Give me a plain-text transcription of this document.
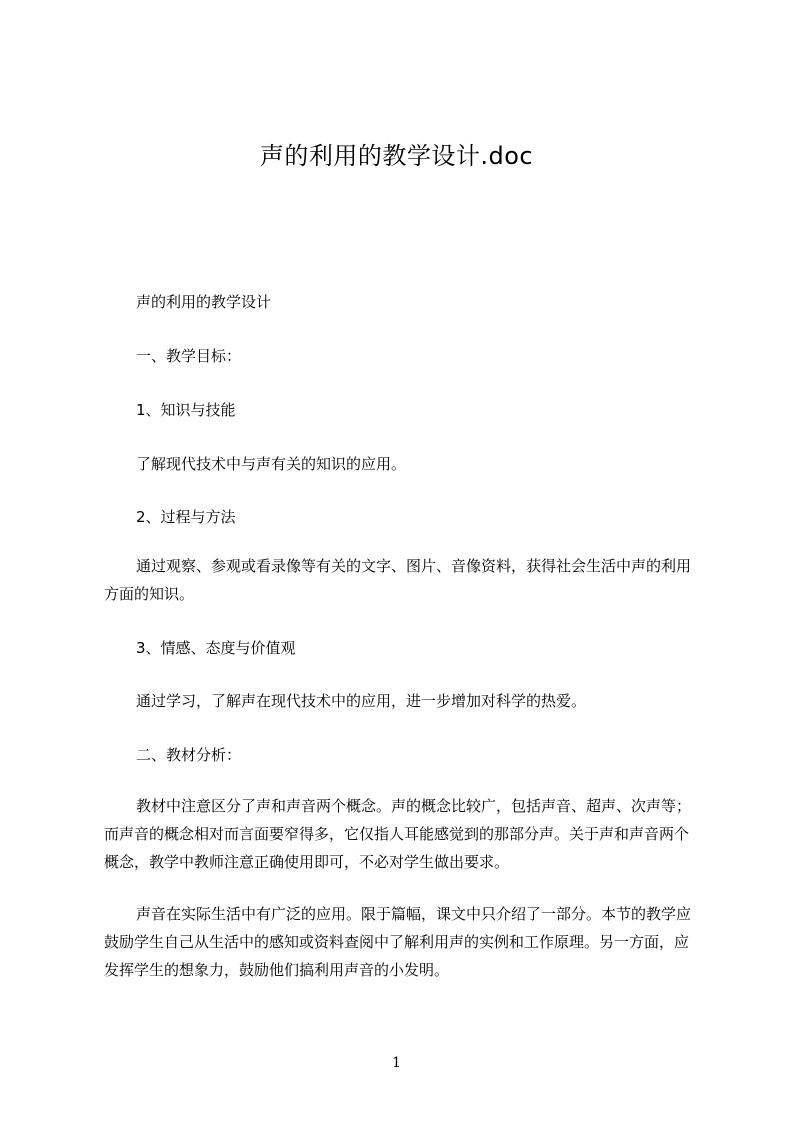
声的利用的教学设计.doc

声的利用的教学设计

一、教学目标：

1、知识与技能

了解现代技术中与声有关的知识的应用。

2、过程与方法

通过观察、参观或看录像等有关的文字、图片、音像资料，获得社会生活中声的利用方面的知识。

3、情感、态度与价值观

通过学习，了解声在现代技术中的应用，进一步增加对科学的热爱。

二、教材分析：

教材中注意区分了声和声音两个概念。声的概念比较广，包括声音、超声、次声等；而声音的概念相对而言面要窄得多，它仅指人耳能感觉到的那部分声。关于声和声音两个概念，教学中教师注意正确使用即可，不必对学生做出要求。

声音在实际生活中有广泛的应用。限于篇幅，课文中只介绍了一部分。本节的教学应鼓励学生自己从生活中的感知或资料查阅中了解利用声的实例和工作原理。另一方面，应发挥学生的想象力，鼓励他们搞利用声音的小发明。

1
